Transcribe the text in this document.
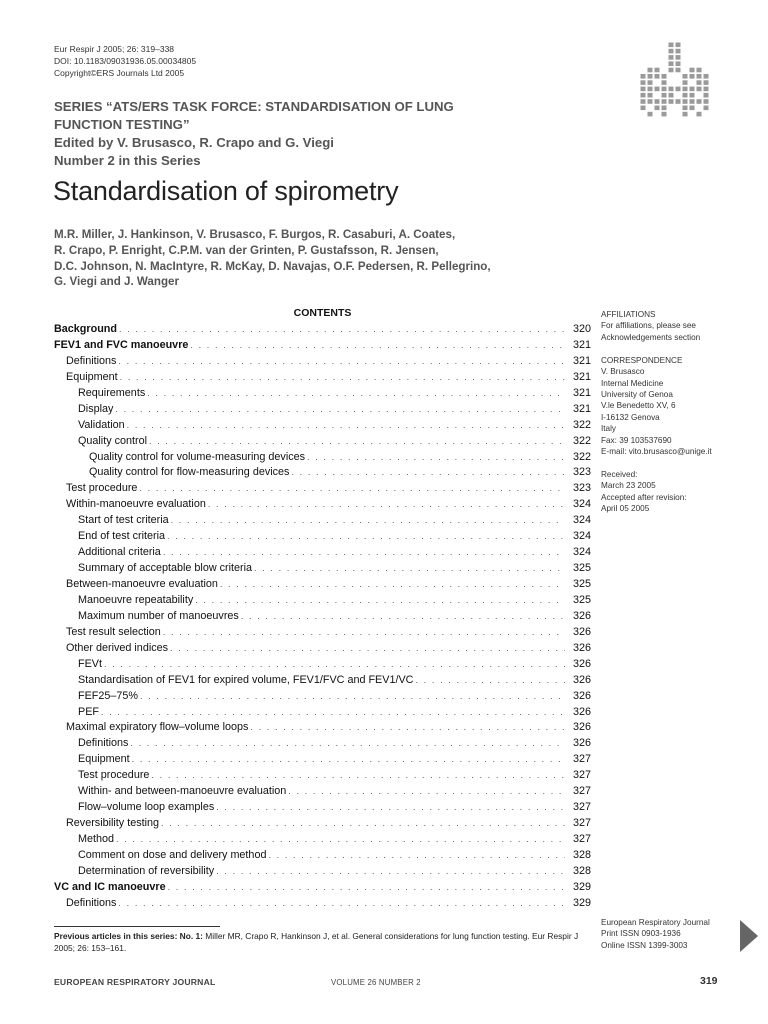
Eur Respir J 2005; 26: 319–338
DOI: 10.1183/09031936.05.00034805
Copyright©ERS Journals Ltd 2005
SERIES “ATS/ERS TASK FORCE: STANDARDISATION OF LUNG
FUNCTION TESTING”
Edited by V. Brusasco, R. Crapo and G. Viegi
Number 2 in this Series
Standardisation of spirometry
M.R. Miller, J. Hankinson, V. Brusasco, F. Burgos, R. Casaburi, A. Coates,
R. Crapo, P. Enright, C.P.M. van der Grinten, P. Gustafsson, R. Jensen,
D.C. Johnson, N. MacIntyre, R. McKay, D. Navajas, O.F. Pedersen, R. Pellegrino,
G. Viegi and J. Wanger
CONTENTS
Background . . .	320
FEV1 and FVC manoeuvre . . .	321
Definitions . . .	321
Equipment . . .	321
Requirements . . .	321
Display . . .	321
Validation . . .	322
Quality control . . .	322
Quality control for volume-measuring devices . . .	322
Quality control for flow-measuring devices . . .	323
Test procedure . . .	323
Within-manoeuvre evaluation . . .	324
Start of test criteria . . .	324
End of test criteria . . .	324
Additional criteria . . .	324
Summary of acceptable blow criteria . . .	325
Between-manoeuvre evaluation . . .	325
Manoeuvre repeatability . . .	325
Maximum number of manoeuvres . . .	326
Test result selection . . .	326
Other derived indices . . .	326
FEVt . . .	326
Standardisation of FEV1 for expired volume, FEV1/FVC and FEV1/VC . . .	326
FEF25–75% . . .	326
PEF . . .	326
Maximal expiratory flow–volume loops . . .	326
Definitions . . .	326
Equipment . . .	327
Test procedure . . .	327
Within- and between-manoeuvre evaluation . . .	327
Flow–volume loop examples . . .	327
Reversibility testing . . .	327
Method . . .	327
Comment on dose and delivery method . . .	328
Determination of reversibility . . .	328
VC and IC manoeuvre . . .	329
Definitions . . .	329
AFFILIATIONS
For affiliations, please see
Acknowledgements section
CORRESPONDENCE
V. Brusasco
Internal Medicine
University of Genoa
V.le Benedetto XV, 6
I-16132 Genova
Italy
Fax: 39 103537690
E-mail: vito.brusasco@unige.it
Received:
March 23 2005
Accepted after revision:
April 05 2005
Previous articles in this series: No. 1: Miller MR, Crapo R, Hankinson J, et al. General considerations for lung function testing. Eur Respir J 2005; 26: 153–161.
European Respiratory Journal
Print ISSN 0903-1936
Online ISSN 1399-3003
EUROPEAN RESPIRATORY JOURNAL	VOLUME 26 NUMBER 2	319
